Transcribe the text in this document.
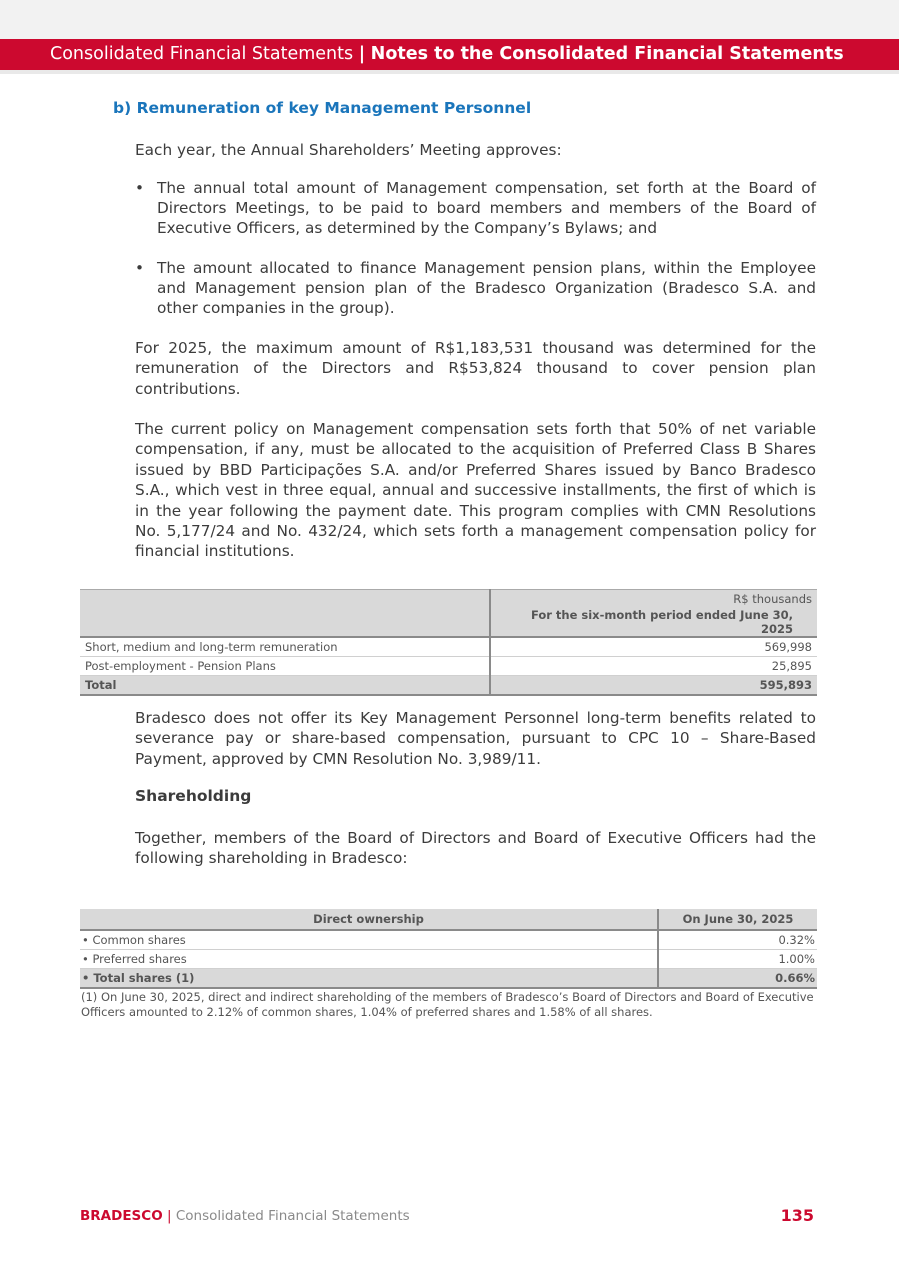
Consolidated Financial Statements | Notes to the Consolidated Financial Statements
b) Remuneration of key Management Personnel

Each year, the Annual Shareholders’ Meeting approves:

• The annual total amount of Management compensation, set forth at the Board of Directors Meetings, to be paid to board members and members of the Board of Executive Officers, as determined by the Company’s Bylaws; and
• The amount allocated to finance Management pension plans, within the Employee and Management pension plan of the Bradesco Organization (Bradesco S.A. and other companies in the group).

For 2025, the maximum amount of R$1,183,531 thousand was determined for the remuneration of the Directors and R$53,824 thousand to cover pension plan contributions.

The current policy on Management compensation sets forth that 50% of net variable compensation, if any, must be allocated to the acquisition of Preferred Class B Shares issued by BBD Participações S.A. and/or Preferred Shares issued by Banco Bradesco S.A., which vest in three equal, annual and successive installments, the first of which is in the year following the payment date. This program complies with CMN Resolutions No. 5,177/24 and No. 432/24, which sets forth a management compensation policy for financial institutions.

	R$ thousands
	For the six-month period ended June 30, 2025
Short, medium and long-term remuneration	569,998
Post-employment - Pension Plans	25,895
Total	595,893

Bradesco does not offer its Key Management Personnel long-term benefits related to severance pay or share-based compensation, pursuant to CPC 10 – Share-Based Payment, approved by CMN Resolution No. 3,989/11.

Shareholding

Together, members of the Board of Directors and Board of Executive Officers had the following shareholding in Bradesco:

Direct ownership	On June 30, 2025
• Common shares	0.32%
• Preferred shares	1.00%
• Total shares (1)	0.66%

(1) On June 30, 2025, direct and indirect shareholding of the members of Bradesco’s Board of Directors and Board of Executive Officers amounted to 2.12% of common shares, 1.04% of preferred shares and 1.58% of all shares.

BRADESCO | Consolidated Financial Statements	135
